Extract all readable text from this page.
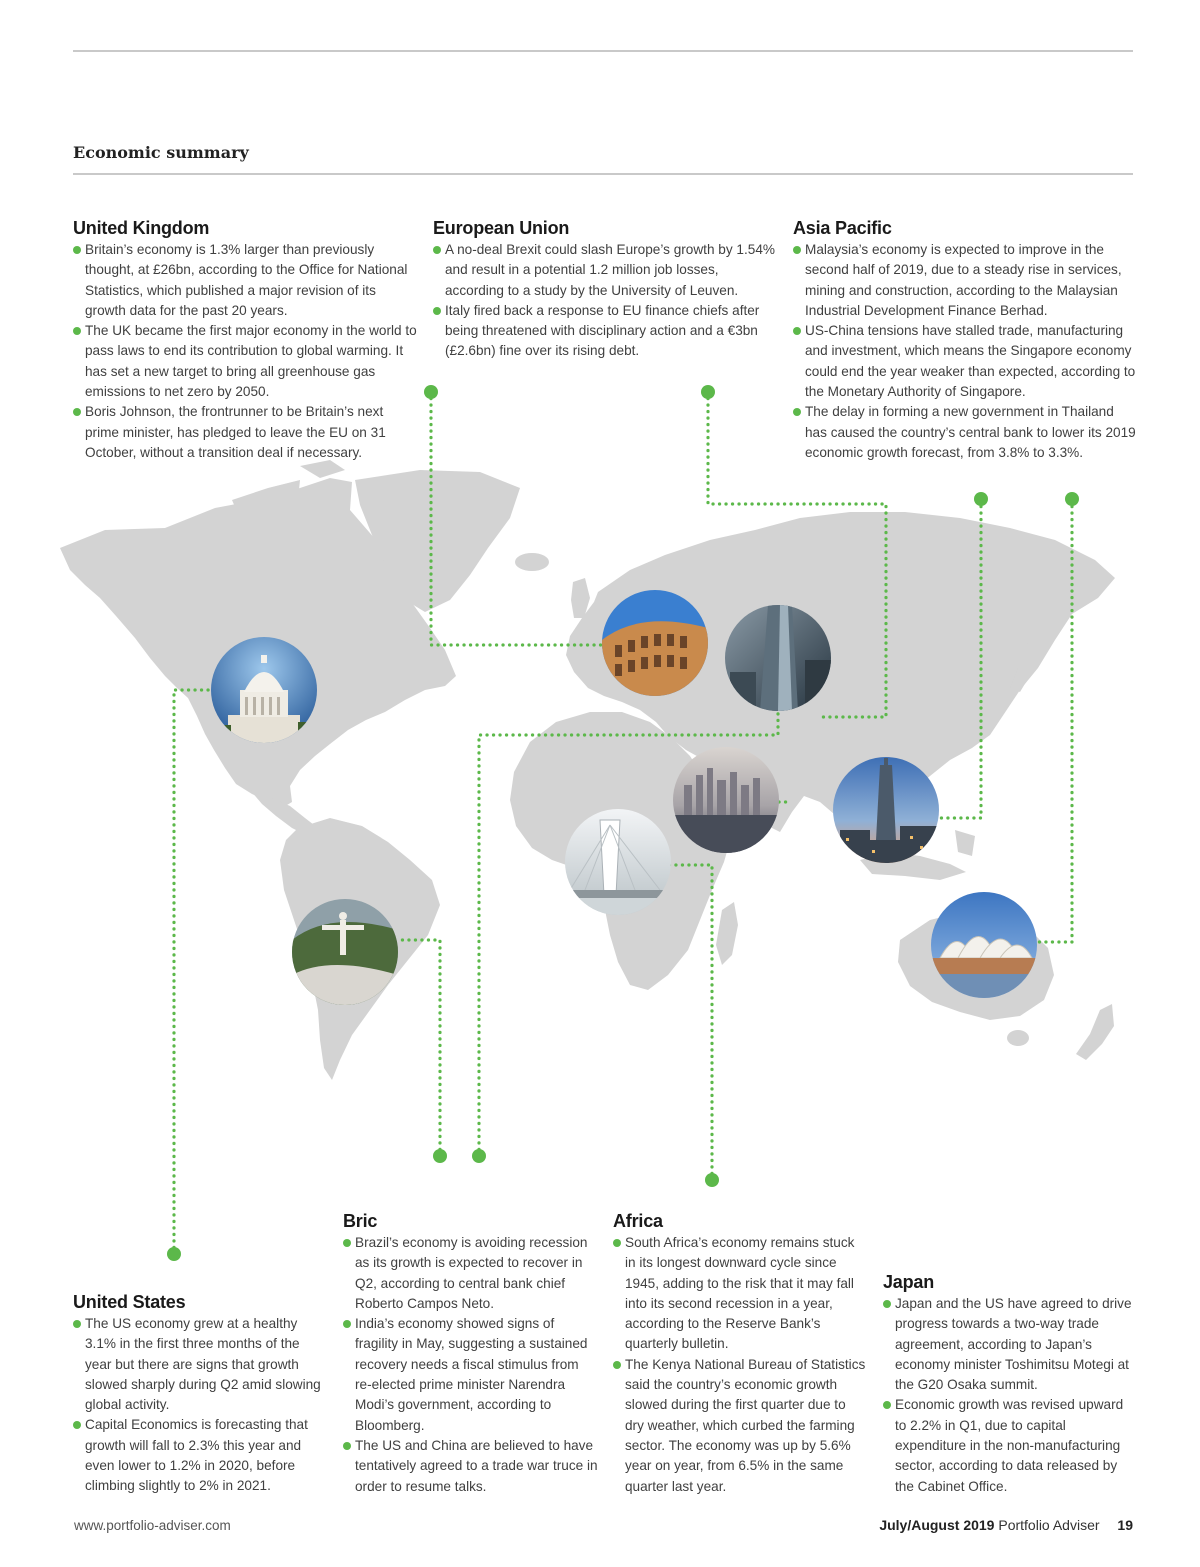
Economic summary
United Kingdom
Britain’s economy is 1.3% larger than previously thought, at £26bn, according to the Office for National Statistics, which published a major revision of its growth data for the past 20 years.
The UK became the first major economy in the world to pass laws to end its contribution to global warming. It has set a new target to bring all greenhouse gas emissions to net zero by 2050.
Boris Johnson, the frontrunner to be Britain’s next prime minister, has pledged to leave the EU on 31 October, without a transition deal if necessary.
European Union
A no-deal Brexit could slash Europe’s growth by 1.54% and result in a potential 1.2 million job losses, according to a study by the University of Leuven.
Italy fired back a response to EU finance chiefs after being threatened with disciplinary action and a €3bn (£2.6bn) fine over its rising debt.
Asia Pacific
Malaysia’s economy is expected to improve in the second half of 2019, due to a steady rise in services, mining and construction, according to the Malaysian Industrial Development Finance Berhad.
US-China tensions have stalled trade, manufacturing and investment, which means the Singapore economy could end the year weaker than expected, according to the Monetary Authority of Singapore.
The delay in forming a new government in Thailand has caused the country’s central bank to lower its 2019 economic growth forecast, from 3.8% to 3.3%.
United States
The US economy grew at a healthy 3.1% in the first three months of the year but there are signs that growth slowed sharply during Q2 amid slowing global activity.
Capital Economics is forecasting that growth will fall to 2.3% this year and even lower to 1.2% in 2020, before climbing slightly to 2% in 2021.
Bric
Brazil’s economy is avoiding recession as its growth is expected to recover in Q2, according to central bank chief Roberto Campos Neto.
India’s economy showed signs of fragility in May, suggesting a sustained recovery needs a fiscal stimulus from re-elected prime minister Narendra Modi’s government, according to Bloomberg.
The US and China are believed to have tentatively agreed to a trade war truce in order to resume talks.
Africa
South Africa’s economy remains stuck in its longest downward cycle since 1945, adding to the risk that it may fall into its second recession in a year, according to the Reserve Bank’s quarterly bulletin.
The Kenya National Bureau of Statistics said the country’s economic growth slowed during the first quarter due to dry weather, which curbed the farming sector. The economy was up by 5.6% year on year, from 6.5% in the same quarter last year.
Japan
Japan and the US have agreed to drive progress towards a two-way trade agreement, according to Japan’s economy minister Toshimitsu Motegi at the G20 Osaka summit.
Economic growth was revised upward to 2.2% in Q1, due to capital expenditure in the non-manufacturing sector, according to data released by the Cabinet Office.
www.portfolio-adviser.com	July/August 2019 Portfolio Adviser 19
